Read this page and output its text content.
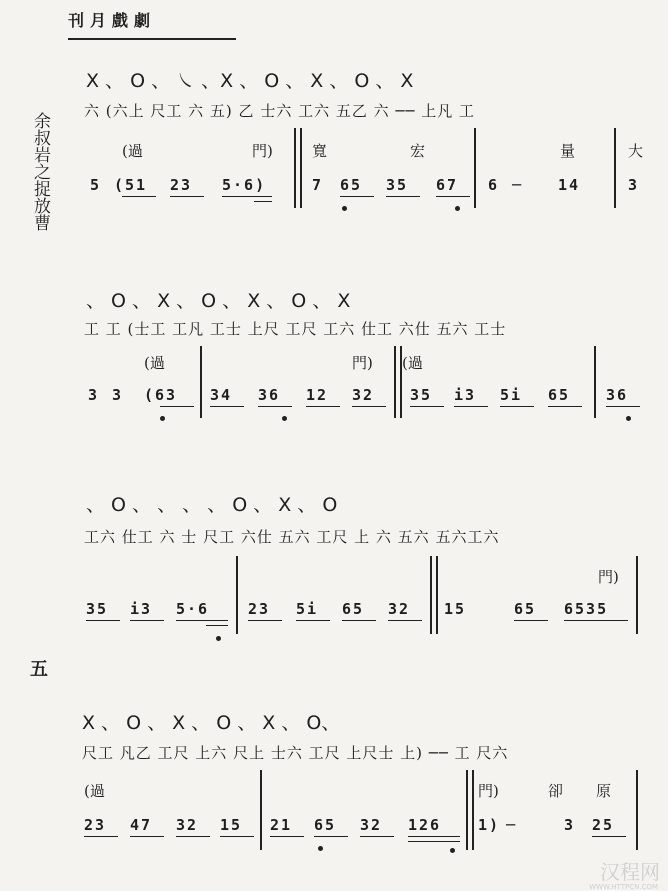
刊月戲劇
余叔岩之捉放曹
五
X 、 O 、 ㇏ 、X 、 O 、 X 、 O 、 X
六 (六上 尺工 六 五) 乙 士六 工六 五乙 六 ── 上凡 工
(過	門)	寬	宏	量	大
5 (51 23 5·6)	7 65 35 67 6 ─ 14	3
、 O 、 X 、 O 、 X 、 O 、 X
工 工 (士工 工凡 工士 上尺 工尺 工六 仕工 六仕 五六 工士
(過	門) (過
3 3 (63 34 36 12 32 35 i3 5i 65 36
、 O 、 、 、 、 O 、 X 、 O
工六 仕工 六 士 尺工 六仕 五六 工尺 上 六 五六 五六工六
門)
35 i3 5·6	23 5i 65 32 15	65 6535
X 、 O 、 X 、 O 、 X 、 O、
尺工 凡乙 工尺 上六 尺上 士六 工尺 上尺士 上) ── 工 尺六
(過	門)	卻 原
23 47 32 15 21 65 32 126 1) ─	3 25
汉程网
WWW.HTTPCN.COM
